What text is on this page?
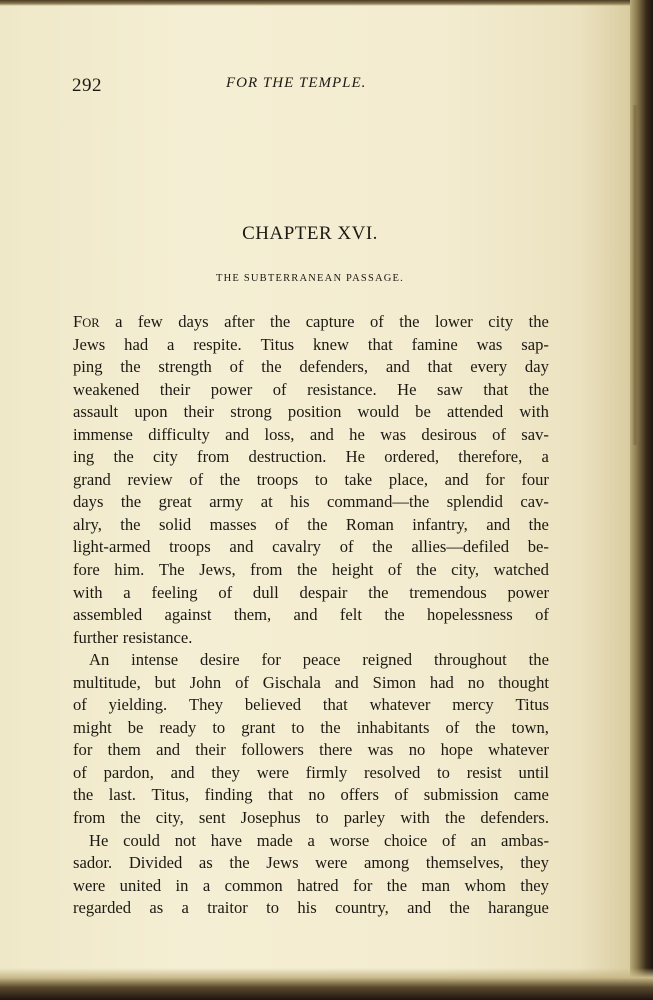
292	FOR THE TEMPLE.
CHAPTER XVI.
THE SUBTERRANEAN PASSAGE.
FOR a few days after the capture of the lower city the
Jews had a respite. Titus knew that famine was sap-
ping the strength of the defenders, and that every day
weakened their power of resistance. He saw that the
assault upon their strong position would be attended with
immense difficulty and loss, and he was desirous of sav-
ing the city from destruction. He ordered, therefore, a
grand review of the troops to take place, and for four
days the great army at his command—the splendid cav-
alry, the solid masses of the Roman infantry, and the
light-armed troops and cavalry of the allies—defiled be-
fore him. The Jews, from the height of the city, watched
with a feeling of dull despair the tremendous power
assembled against them, and felt the hopelessness of
further resistance.
An intense desire for peace reigned throughout the
multitude, but John of Gischala and Simon had no thought
of yielding. They believed that whatever mercy Titus
might be ready to grant to the inhabitants of the town,
for them and their followers there was no hope whatever
of pardon, and they were firmly resolved to resist until
the last. Titus, finding that no offers of submission came
from the city, sent Josephus to parley with the defenders.
He could not have made a worse choice of an ambas-
sador. Divided as the Jews were among themselves, they
were united in a common hatred for the man whom they
regarded as a traitor to his country, and the harangue
